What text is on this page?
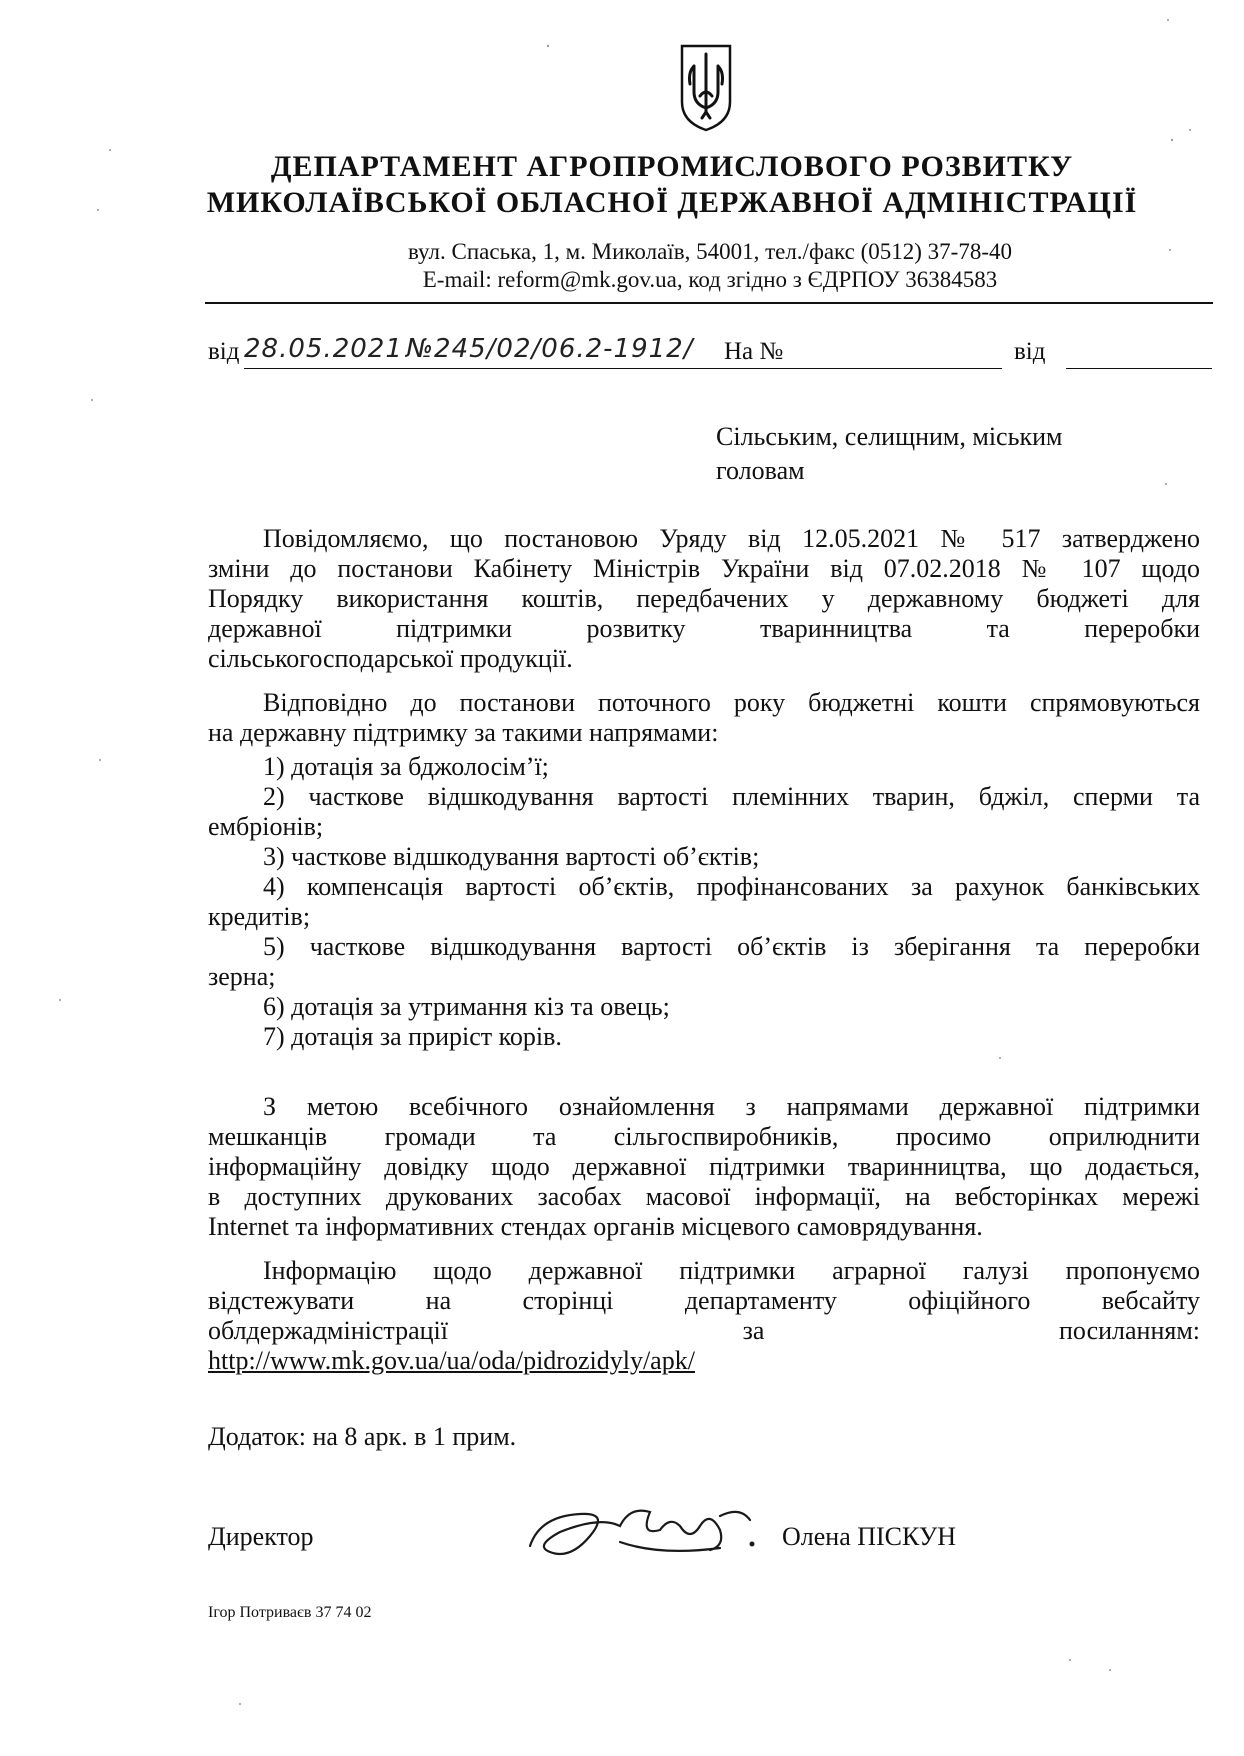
ДЕПАРТАМЕНТ АГРОПРОМИСЛОВОГО РОЗВИТКУ
МИКОЛАЇВСЬКОЇ ОБЛАСНОЇ ДЕРЖАВНОЇ АДМІНІСТРАЦІЇ
вул. Спаська, 1, м. Миколаїв, 54001, тел./факс (0512) 37-78-40
E-mail: reform@mk.gov.ua, код згідно з ЄДРПОУ 36384583
від 28.05.2021 №245/02/06.2-1912/ На №	від
Сільським, селищним, міським
головам
Повідомляємо, що постановою Уряду від 12.05.2021 № 517 затверджено
зміни до постанови Кабінету Міністрів України від 07.02.2018 № 107 щодо
Порядку використання коштів, передбачених у державному бюджеті для
державної підтримки розвитку тваринництва та переробки
сільськогосподарської продукції.
Відповідно до постанови поточного року бюджетні кошти спрямовуються
на державну підтримку за такими напрямами:
1) дотація за бджолосім’ї;
2) часткове відшкодування вартості племінних тварин, бджіл, сперми та
ембріонів;
3) часткове відшкодування вартості об’єктів;
4) компенсація вартості об’єктів, профінансованих за рахунок банківських
кредитів;
5) часткове відшкодування вартості об’єктів із зберігання та переробки
зерна;
6) дотація за утримання кіз та овець;
7) дотація за приріст корів.
З метою всебічного ознайомлення з напрямами державної підтримки
мешканців громади та сільгоспвиробників, просимо оприлюднити
інформаційну довідку щодо державної підтримки тваринництва, що додається,
в доступних друкованих засобах масової інформації, на вебсторінках мережі
Internet та інформативних стендах органів місцевого самоврядування.
Інформацію щодо державної підтримки аграрної галузі пропонуємо
відстежувати на сторінці департаменту офіційного вебсайту
облдержадміністрації за посиланням:
http://www.mk.gov.ua/ua/oda/pidrozidyly/apk/
Додаток: на 8 арк. в 1 прим.
Директор	Олена ПІСКУН
Ігор Потриваєв 37 74 02
